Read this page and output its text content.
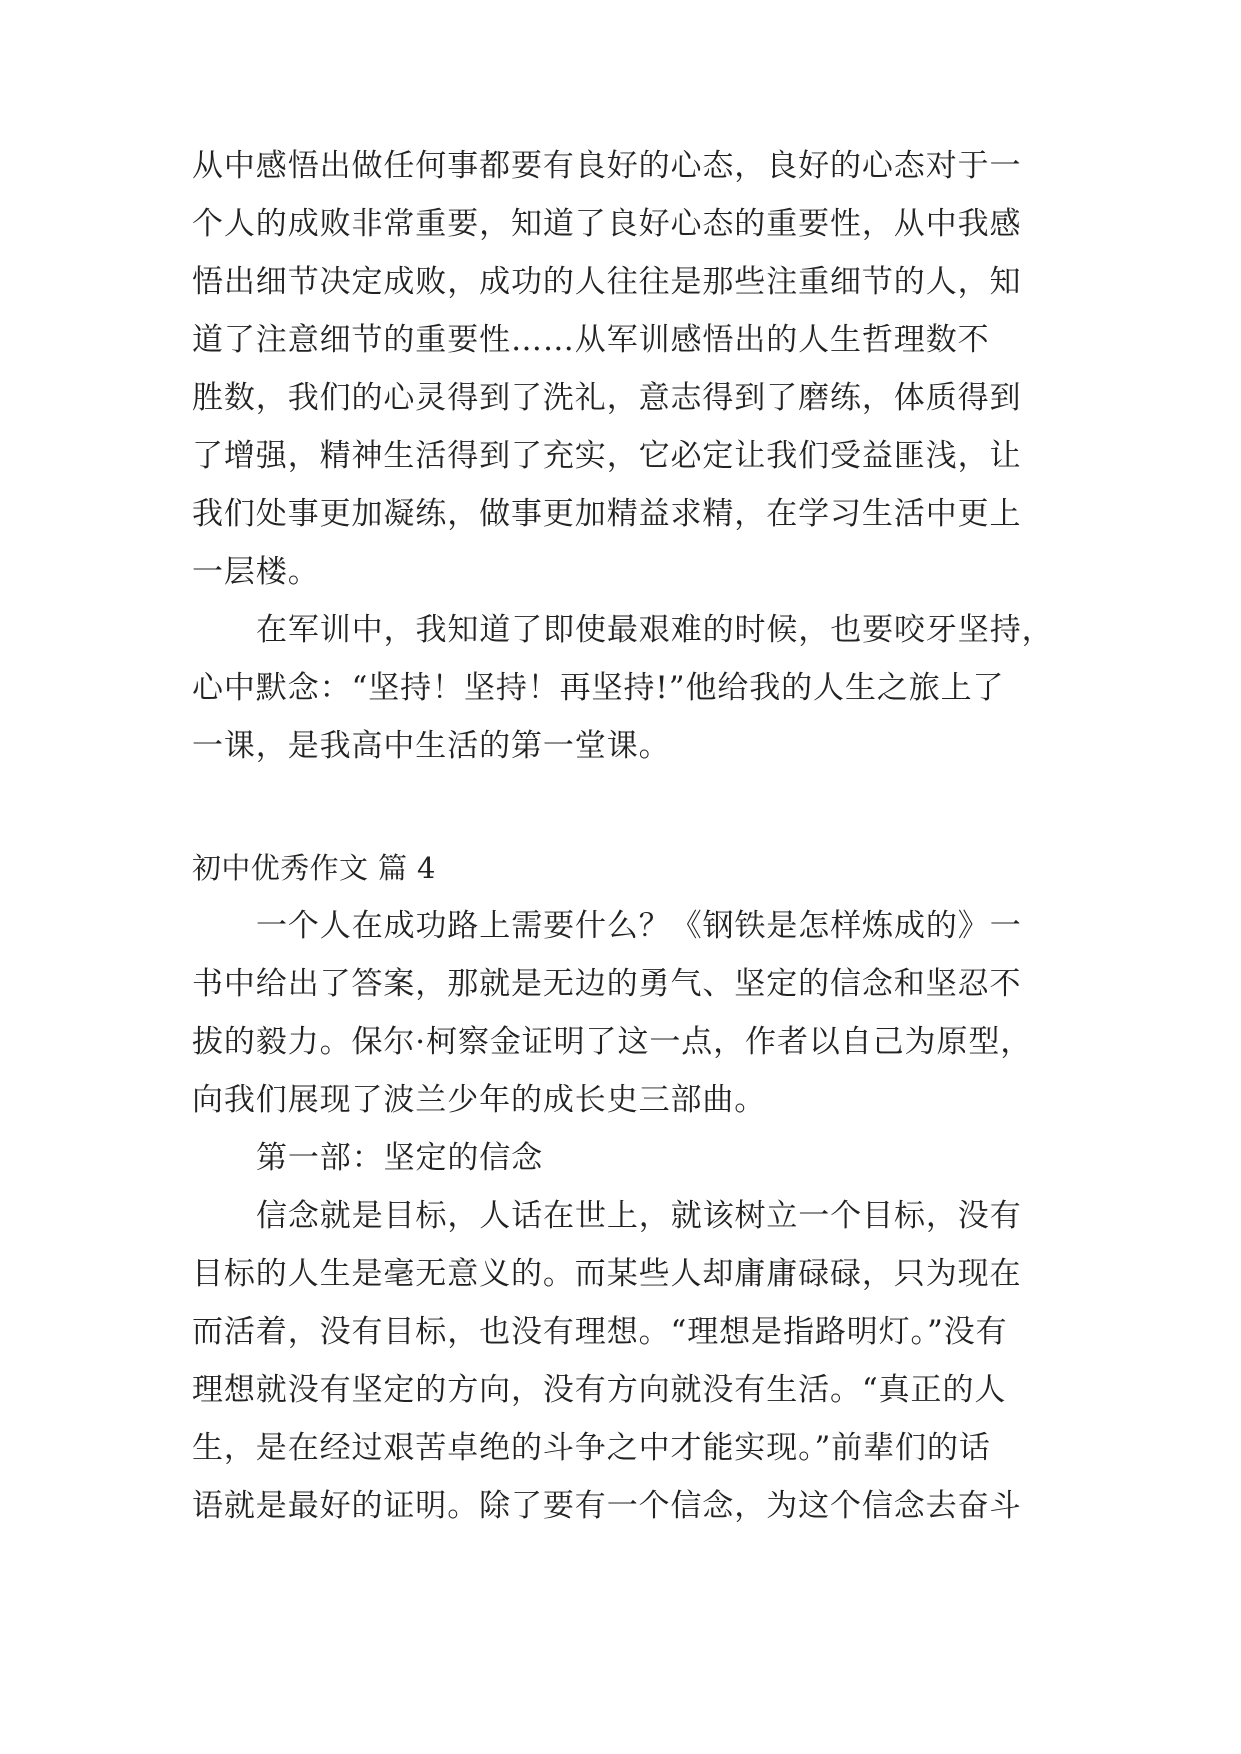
从中感悟出做任何事都要有良好的心态，良好的心态对于一
个人的成败非常重要，知道了良好心态的重要性，从中我感
悟出细节决定成败，成功的人往往是那些注重细节的人，知
道了注意细节的重要性……从军训感悟出的人生哲理数不
胜数，我们的心灵得到了洗礼，意志得到了磨练，体质得到
了增强，精神生活得到了充实，它必定让我们受益匪浅，让
我们处事更加凝练，做事更加精益求精，在学习生活中更上
一层楼。
在军训中，我知道了即使最艰难的时候，也要咬牙坚持，
心中默念：“坚持！坚持！再坚持!”他给我的人生之旅上了
一课，是我高中生活的第一堂课。
初中优秀作文 篇 4
一个人在成功路上需要什么？《钢铁是怎样炼成的》一
书中给出了答案，那就是无边的勇气、坚定的信念和坚忍不
拔的毅力。保尔·柯察金证明了这一点，作者以自己为原型，
向我们展现了波兰少年的成长史三部曲。
第一部：坚定的信念
信念就是目标，人话在世上，就该树立一个目标，没有
目标的人生是毫无意义的。而某些人却庸庸碌碌，只为现在
而活着，没有目标，也没有理想。“理想是指路明灯。”没有
理想就没有坚定的方向，没有方向就没有生活。“真正的人
生，是在经过艰苦卓绝的斗争之中才能实现。”前辈们的话
语就是最好的证明。除了要有一个信念，为这个信念去奋斗
